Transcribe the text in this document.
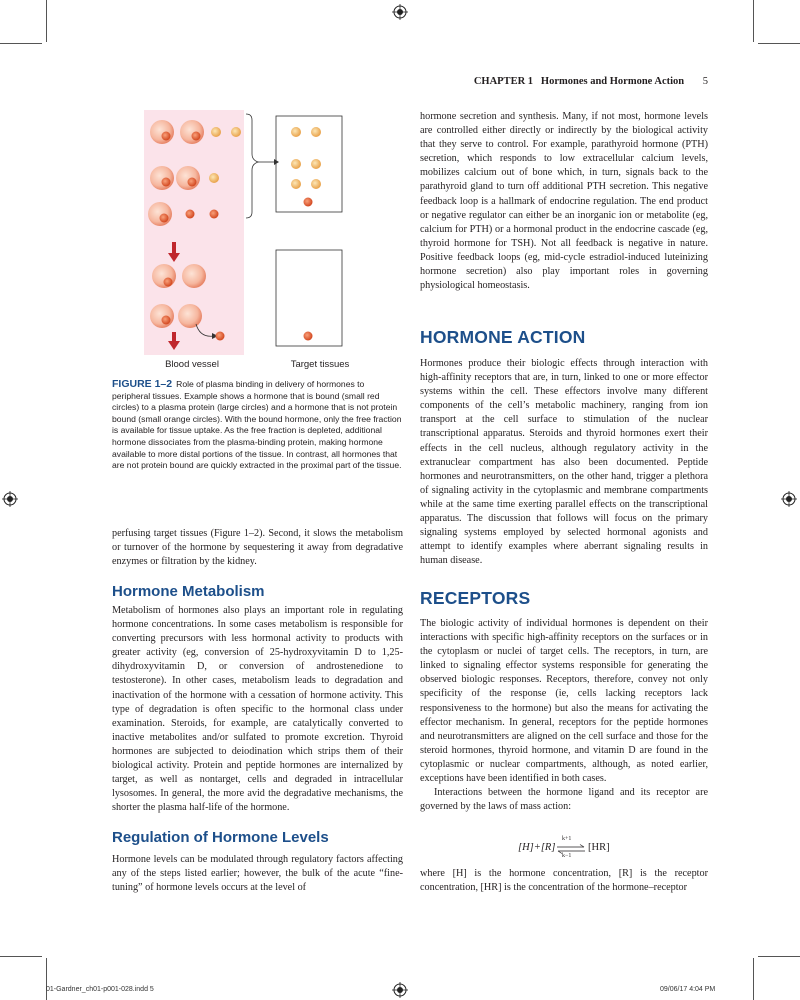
CHAPTER 1 Hormones and Hormone Action 5
Blood vessel	Target tissues
FIGURE 1–2 Role of plasma binding in delivery of hormones to peripheral tissues. Example shows a hormone that is bound (small red circles) to a plasma protein (large circles) and a hormone that is not protein bound (small orange circles). With the bound hormone, only the free fraction is available for tissue uptake. As the free fraction is depleted, additional hormone dissociates from the plasma-binding protein, making hormone available to more distal portions of the tissue. In contrast, all hormones that are not protein bound are quickly extracted in the proximal part of the tissue.

perfusing target tissues (Figure 1–2). Second, it slows the metabolism or turnover of the hormone by sequestering it away from degradative enzymes or filtration by the kidney.

Hormone Metabolism

Metabolism of hormones also plays an important role in regulating hormone concentrations. In some cases metabolism is responsible for converting precursors with less hormonal activity to products with greater activity (eg, conversion of 25-hydroxyvitamin D to 1,25-dihydroxyvitamin D, or conversion of androstenedione to testosterone). In other cases, metabolism leads to degradation and inactivation of the hormone with a cessation of hormone activity. This type of degradation is often specific to the hormonal class under examination. Steroids, for example, are catalytically converted to inactive metabolites and/or sulfated to promote excretion. Thyroid hormones are subjected to deiodination which strips them of their biological activity. Protein and peptide hormones are internalized by target, as well as nontarget, cells and degraded in intracellular lysosomes. In general, the more avid the degradative mechanisms, the shorter the plasma half-life of the hormone.

Regulation of Hormone Levels

Hormone levels can be modulated through regulatory factors affecting any of the steps listed earlier; however, the bulk of the acute “fine-tuning” of hormone levels occurs at the level of

hormone secretion and synthesis. Many, if not most, hormone levels are controlled either directly or indirectly by the biological activity that they serve to control. For example, parathyroid hormone (PTH) secretion, which responds to low extracellular calcium levels, mobilizes calcium out of bone which, in turn, signals back to the parathyroid gland to turn off additional PTH secretion. This negative feedback loop is a hallmark of endocrine regulation. The end product or negative regulator can either be an inorganic ion or metabolite (eg, calcium for PTH) or a hormonal product in the endocrine cascade (eg, thyroid hormone for TSH). Not all feedback is negative in nature. Positive feedback loops (eg, mid-cycle estradiol-induced luteinizing hormone secretion) also play important roles in governing physiological homeostasis.

HORMONE ACTION

Hormones produce their biologic effects through interaction with high-affinity receptors that are, in turn, linked to one or more effector systems within the cell. These effectors involve many different components of the cell’s metabolic machinery, ranging from ion transport at the cell surface to stimulation of the nuclear transcriptional apparatus. Steroids and thyroid hormones exert their effects in the cell nucleus, although regulatory activity in the extranuclear compartment has also been documented. Peptide hormones and neurotransmitters, on the other hand, trigger a plethora of signaling activity in the cytoplasmic and membrane compartments while at the same time exerting parallel effects on the transcriptional apparatus. The discussion that follows will focus on the primary signaling systems employed by selected hormonal agonists and attempt to identify examples where aberrant signaling results in human disease.

RECEPTORS

The biologic activity of individual hormones is dependent on their interactions with specific high-affinity receptors on the surfaces or in the cytoplasm or nuclei of target cells. The receptors, in turn, are linked to signaling effector systems responsible for generating the observed biologic responses. Receptors, therefore, convey not only specificity of the response (ie, cells lacking receptors lack responsiveness to the hormone) but also the means for activating the effector mechanism. In general, receptors for the peptide hormones and neurotransmitters are aligned on the cell surface and those for the steroid hormones, thyroid hormone, and vitamin D are found in the cytoplasmic or nuclear compartments, although, as noted earlier, exceptions have been identified in both cases.

Interactions between the hormone ligand and its receptor are governed by the laws of mass action:

[H]+[R]
k+1
k−1
[HR]

where [H] is the hormone concentration, [R] is the receptor concentration, [HR] is the concentration of the hormone–receptor

01-Gardner_ch01-p001-028.indd 5	09/06/17 4:04 PM
